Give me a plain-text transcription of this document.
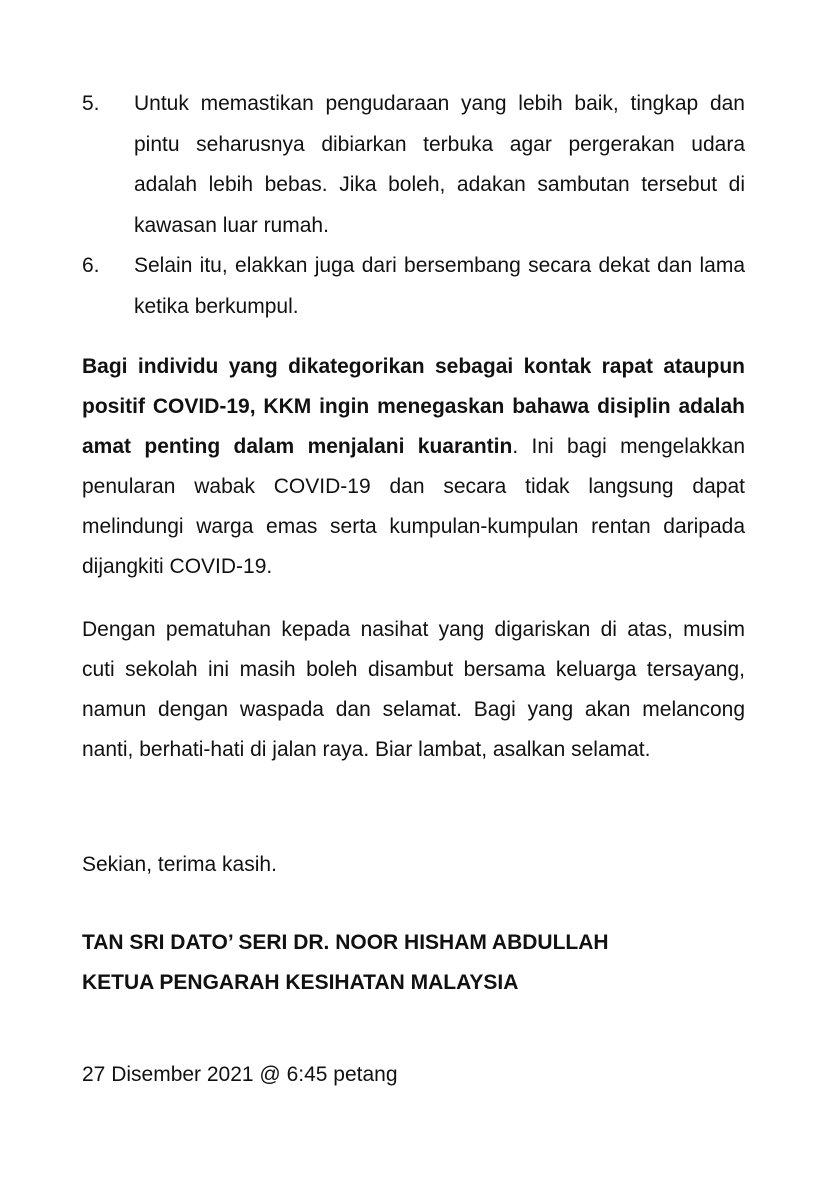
5. Untuk memastikan pengudaraan yang lebih baik, tingkap dan pintu seharusnya dibiarkan terbuka agar pergerakan udara adalah lebih bebas. Jika boleh, adakan sambutan tersebut di kawasan luar rumah.
6. Selain itu, elakkan juga dari bersembang secara dekat dan lama ketika berkumpul.

Bagi individu yang dikategorikan sebagai kontak rapat ataupun positif COVID-19, KKM ingin menegaskan bahawa disiplin adalah amat penting dalam menjalani kuarantin. Ini bagi mengelakkan penularan wabak COVID-19 dan secara tidak langsung dapat melindungi warga emas serta kumpulan-kumpulan rentan daripada dijangkiti COVID-19.

Dengan pematuhan kepada nasihat yang digariskan di atas, musim cuti sekolah ini masih boleh disambut bersama keluarga tersayang, namun dengan waspada dan selamat. Bagi yang akan melancong nanti, berhati-hati di jalan raya. Biar lambat, asalkan selamat.

Sekian, terima kasih.

TAN SRI DATO’ SERI DR. NOOR HISHAM ABDULLAH
KETUA PENGARAH KESIHATAN MALAYSIA
27 Disember 2021 @ 6:45 petang
